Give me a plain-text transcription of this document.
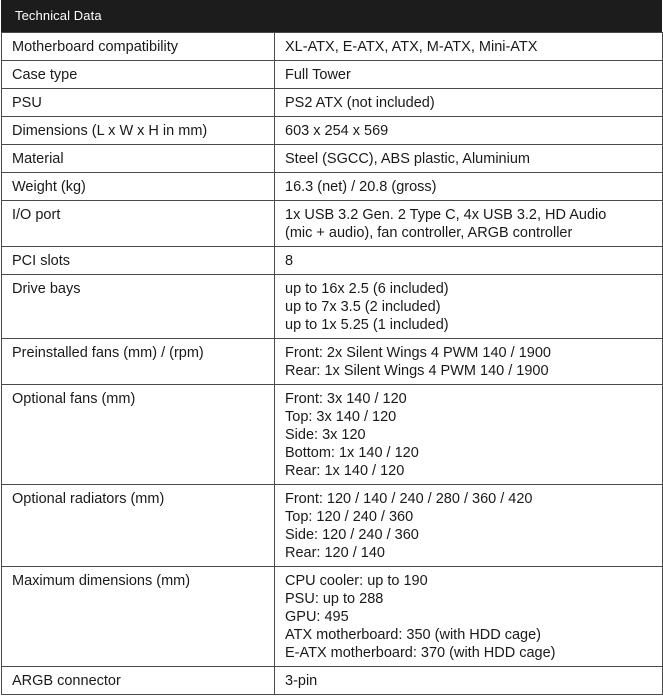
Technical Data
Motherboard compatibility	XL-ATX, E-ATX, ATX, M-ATX, Mini-ATX

Case type	Full Tower

PSU	PS2 ATX (not included)

Dimensions (L x W x H in mm)	603 x 254 x 569

Material	Steel (SGCC), ABS plastic, Aluminium

Weight (kg)	16.3 (net) / 20.8 (gross)

I/O port	1x USB 3.2 Gen. 2 Type C, 4x USB 3.2, HD Audio
(mic + audio), fan controller, ARGB controller

PCI slots	8

Drive bays	up to 16x 2.5 (6 included)
up to 7x 3.5 (2 included)
up to 1x 5.25 (1 included)

Preinstalled fans (mm) / (rpm)	Front: 2x Silent Wings 4 PWM 140 / 1900
Rear: 1x Silent Wings 4 PWM 140 / 1900

Optional fans (mm)	Front: 3x 140 / 120
Top: 3x 140 / 120
Side: 3x 120
Bottom: 1x 140 / 120
Rear: 1x 140 / 120

Optional radiators (mm)	Front: 120 / 140 / 240 / 280 / 360 / 420
Top: 120 / 240 / 360
Side: 120 / 240 / 360
Rear: 120 / 140

Maximum dimensions (mm)	CPU cooler: up to 190
PSU: up to 288
GPU: 495
ATX motherboard: 350 (with HDD cage)
E-ATX motherboard: 370 (with HDD cage)

ARGB connector	3-pin
